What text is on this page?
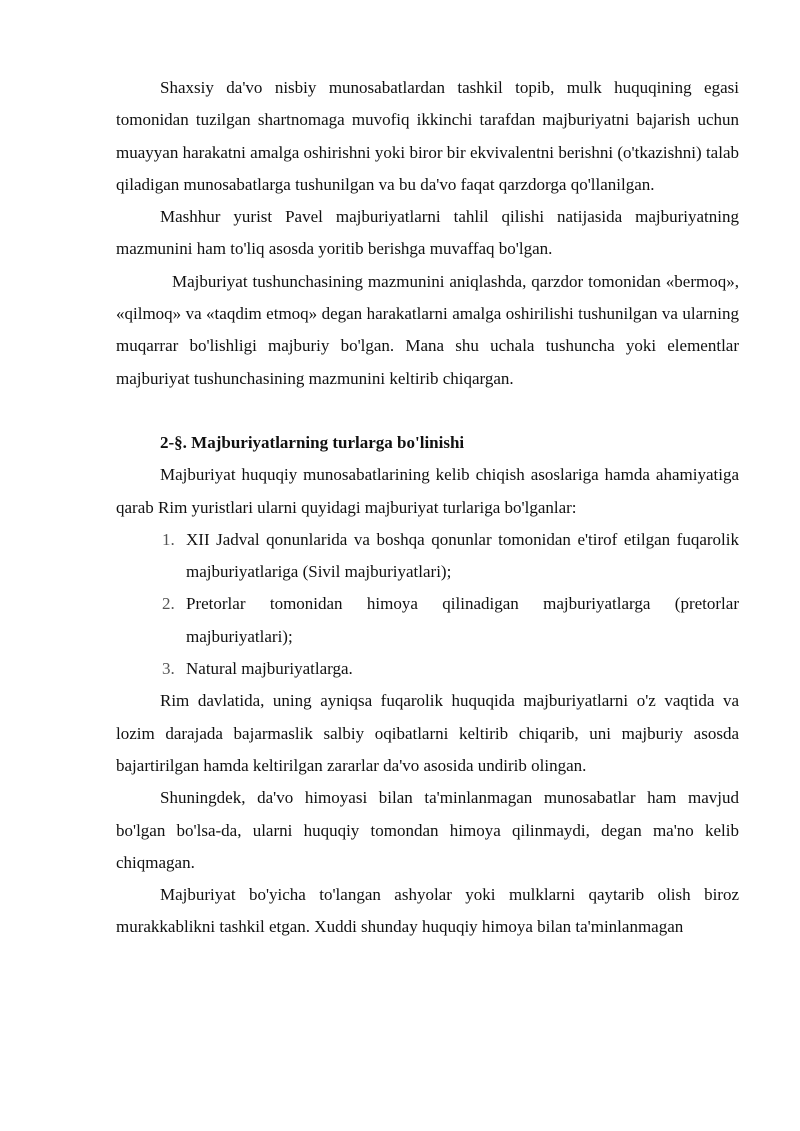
Shaxsiy da'vo nisbiy munosabatlardan tashkil topib, mulk huquqining egasi tomonidan tuzilgan shartnomaga muvofiq ikkinchi tarafdan majburiyatni bajarish uchun muayyan harakatni amalga oshirishni yoki biror bir ekvivalentni berishni (o'tkazishni) talab qiladigan munosabatlarga tushunilgan va bu da'vo faqat qarzdorga qo'llanilgan.

Mashhur yurist Pavel majburiyatlarni tahlil qilishi natijasida majburiyatning mazmunini ham to'liq asosda yoritib berishga muvaffaq bo'lgan.

Majburiyat tushunchasining mazmunini aniqlashda, qarzdor tomonidan «bermoq», «qilmoq» va «taqdim etmoq» degan harakatlarni amalga oshirilishi tushunilgan va ularning muqarrar bo'lishligi majburiy bo'lgan. Mana shu uchala tushuncha yoki elementlar majburiyat tushunchasining mazmunini keltirib chiqargan.

2-§. Majburiyatlarning turlarga bo'linishi

Majburiyat huquqiy munosabatlarining kelib chiqish asoslariga hamda ahamiyatiga qarab Rim yuristlari ularni quyidagi majburiyat turlariga bo'lganlar:

1. XII Jadval qonunlarida va boshqa qonunlar tomonidan e'tirof etilgan fuqarolik majburiyatlariga (Sivil majburiyatlari);
2. Pretorlar tomonidan himoya qilinadigan majburiyatlarga (pretorlar majburiyatlari);
3. Natural majburiyatlarga.

Rim davlatida, uning ayniqsa fuqarolik huquqida majburiyatlarni o'z vaqtida va lozim darajada bajarmaslik salbiy oqibatlarni keltirib chiqarib, uni majburiy asosda bajartirilgan hamda keltirilgan zararlar da'vo asosida undirib olingan.

Shuningdek, da'vo himoyasi bilan ta'minlanmagan munosabatlar ham mavjud bo'lgan bo'lsa-da, ularni huquqiy tomondan himoya qilinmaydi, degan ma'no kelib chiqmagan.

Majburiyat bo'yicha to'langan ashyolar yoki mulklarni qaytarib olish biroz murakkablikni tashkil etgan. Xuddi shunday huquqiy himoya bilan ta'minlanmagan
